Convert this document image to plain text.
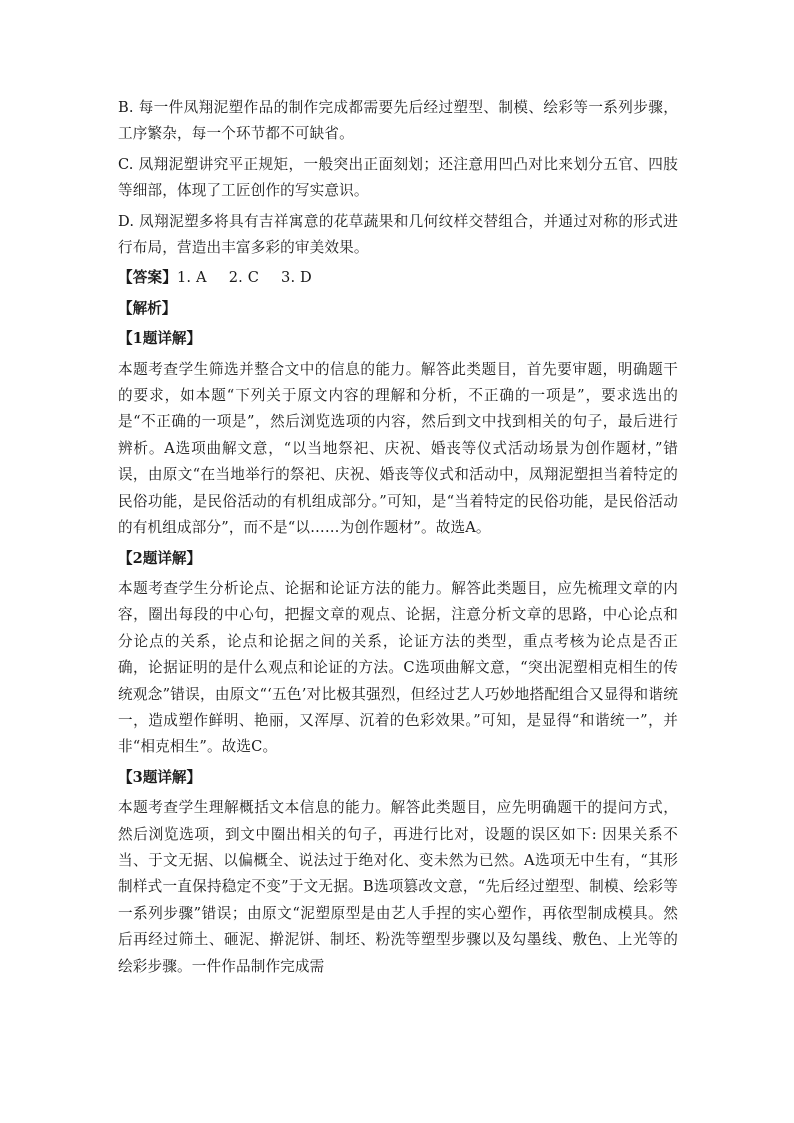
B. 每一件凤翔泥塑作品的制作完成都需要先后经过塑型、制模、绘彩等一系列步骤，工序繁杂，每一个环节都不可缺省。

C. 凤翔泥塑讲究平正规矩，一般突出正面刻划；还注意用凹凸对比来划分五官、四肢等细部，体现了工匠创作的写实意识。

D. 凤翔泥塑多将具有吉祥寓意的花草蔬果和几何纹样交替组合，并通过对称的形式进行布局，营造出丰富多彩的审美效果。

【答案】1. A 2. C 3. D

【解析】

【1题详解】

本题考查学生筛选并整合文中的信息的能力。解答此类题目，首先要审题，明确题干的要求，如本题“下列关于原文内容的理解和分析，不正确的一项是”，要求选出的是“不正确的一项是”，然后浏览选项的内容，然后到文中找到相关的句子，最后进行辨析。A选项曲解文意，“以当地祭祀、庆祝、婚丧等仪式活动场景为创作题材，”错误，由原文“在当地举行的祭祀、庆祝、婚丧等仪式和活动中，凤翔泥塑担当着特定的民俗功能，是民俗活动的有机组成部分。”可知，是“当着特定的民俗功能，是民俗活动的有机组成部分”，而不是“以……为创作题材”。故选A。

【2题详解】

本题考查学生分析论点、论据和论证方法的能力。解答此类题目，应先梳理文章的内容，圈出每段的中心句，把握文章的观点、论据，注意分析文章的思路，中心论点和分论点的关系，论点和论据之间的关系，论证方法的类型，重点考核为论点是否正确，论据证明的是什么观点和论证的方法。C选项曲解文意，“突出泥塑相克相生的传统观念”错误，由原文“‘五色’对比极其强烈，但经过艺人巧妙地搭配组合又显得和谐统一，造成塑作鲜明、艳丽，又浑厚、沉着的色彩效果。”可知，是显得“和谐统一”，并非“相克相生”。故选C。

【3题详解】

本题考查学生理解概括文本信息的能力。解答此类题目，应先明确题干的提问方式，然后浏览选项，到文中圈出相关的句子，再进行比对，设题的误区如下: 因果关系不当、于文无据、以偏概全、说法过于绝对化、变未然为已然。A选项无中生有，“其形制样式一直保持稳定不变”于文无据。B选项篡改文意，“先后经过塑型、制模、绘彩等一系列步骤”错误；由原文“泥塑原型是由艺人手捏的实心塑作，再依型制成模具。然后再经过筛土、砸泥、擀泥饼、制坯、粉洗等塑型步骤以及勾墨线、敷色、上光等的绘彩步骤。一件作品制作完成需
